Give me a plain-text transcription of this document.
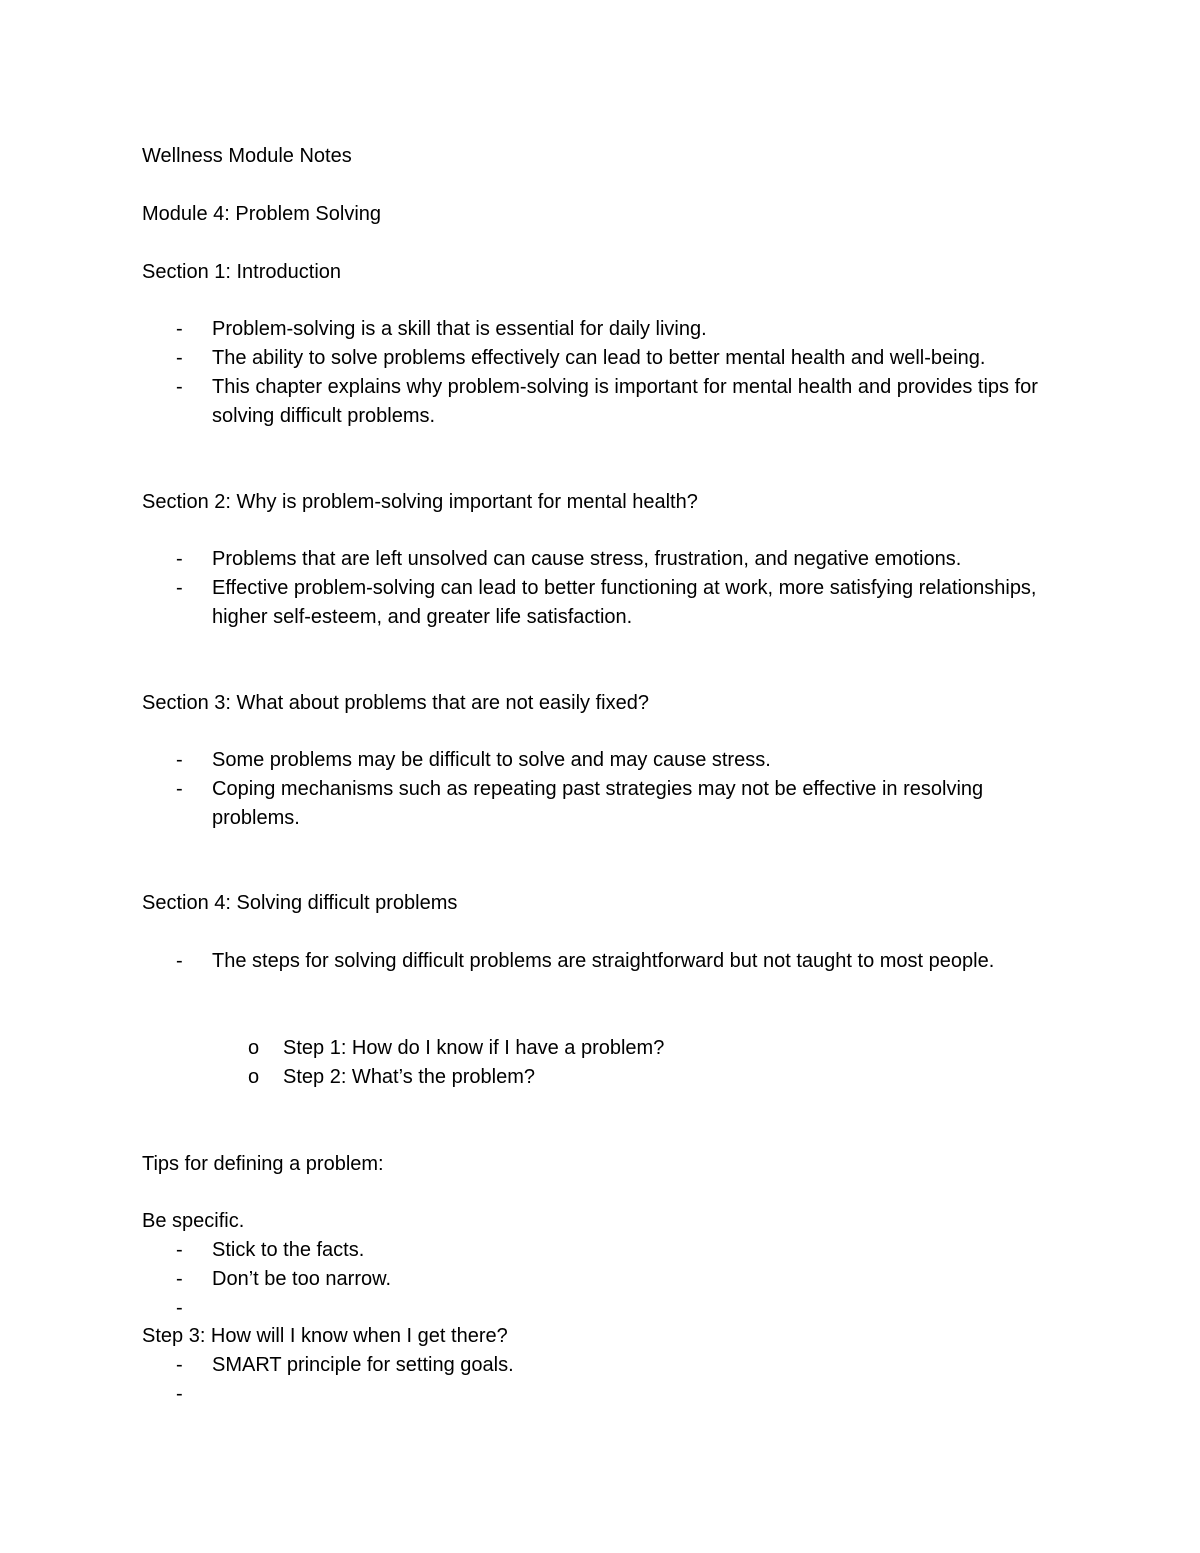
Wellness Module Notes
Module 4: Problem Solving
Section 1: Introduction
- Problem-solving is a skill that is essential for daily living.
- The ability to solve problems effectively can lead to better mental health and well-being.
- This chapter explains why problem-solving is important for mental health and provides tips for solving difficult problems.
Section 2: Why is problem-solving important for mental health?
- Problems that are left unsolved can cause stress, frustration, and negative emotions.
- Effective problem-solving can lead to better functioning at work, more satisfying relationships, higher self-esteem, and greater life satisfaction.
Section 3: What about problems that are not easily fixed?
- Some problems may be difficult to solve and may cause stress.
- Coping mechanisms such as repeating past strategies may not be effective in resolving problems.
Section 4: Solving difficult problems
- The steps for solving difficult problems are straightforward but not taught to most people.
o Step 1: How do I know if I have a problem?
o Step 2: What’s the problem?
Tips for defining a problem:
Be specific.
- Stick to the facts.
- Don’t be too narrow.
-
Step 3: How will I know when I get there?
- SMART principle for setting goals.
-
